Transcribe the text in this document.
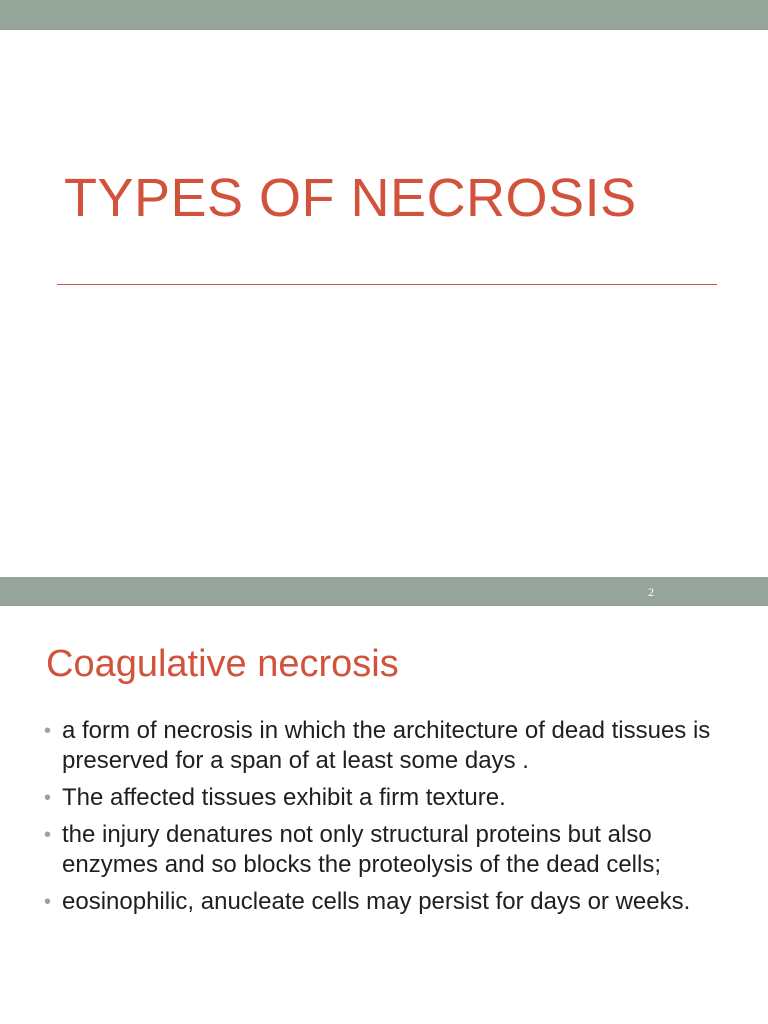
TYPES OF NECROSIS
2
Coagulative necrosis
• a form of necrosis in which the architecture of dead tissues is preserved for a span of at least some days .
• The affected tissues exhibit a firm texture.
• the injury denatures not only structural proteins but also enzymes and so blocks the proteolysis of the dead cells;
• eosinophilic, anucleate cells may persist for days or weeks.
